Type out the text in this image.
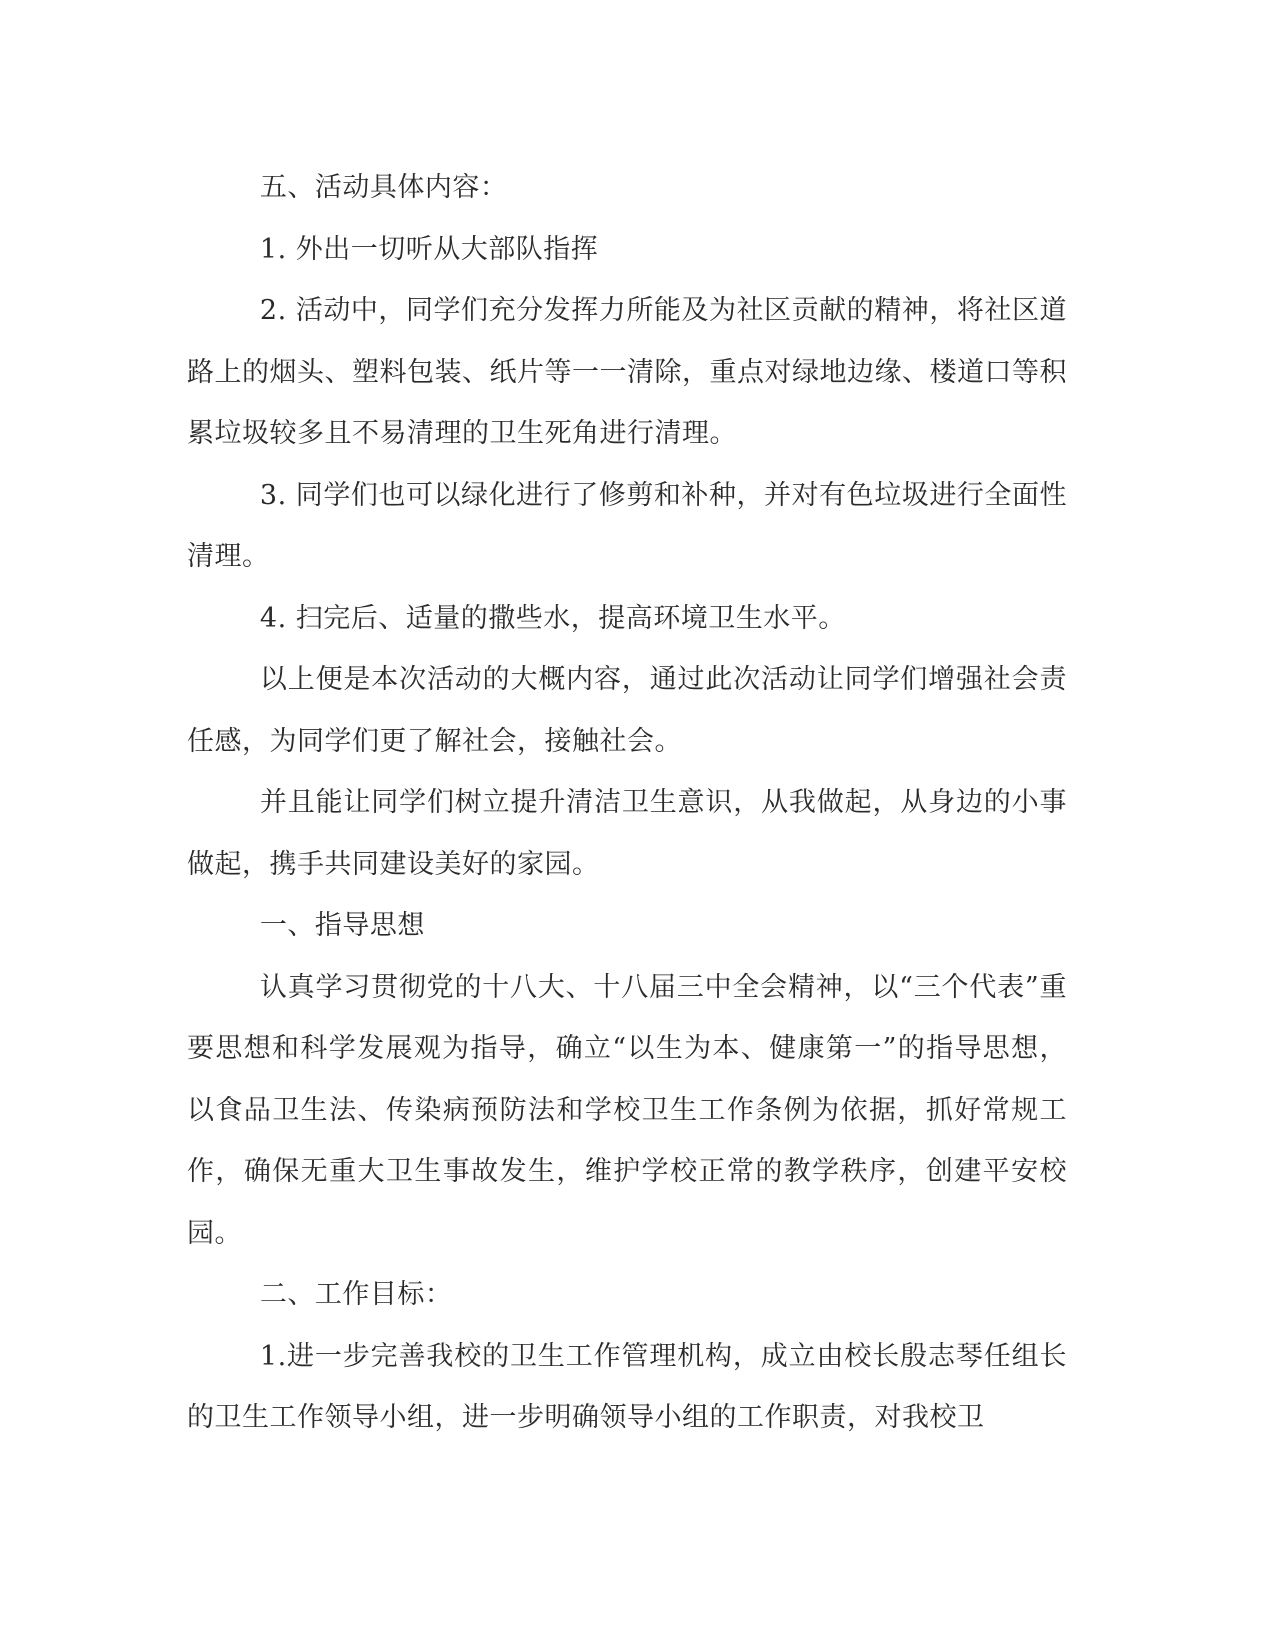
五、活动具体内容：

1. 外出一切听从大部队指挥

2. 活动中，同学们充分发挥力所能及为社区贡献的精神，将社区道路上的烟头、塑料包装、纸片等一一清除，重点对绿地边缘、楼道口等积累垃圾较多且不易清理的卫生死角进行清理。

3. 同学们也可以绿化进行了修剪和补种，并对有色垃圾进行全面性清理。

4. 扫完后、适量的撒些水，提高环境卫生水平。

以上便是本次活动的大概内容，通过此次活动让同学们增强社会责任感，为同学们更了解社会，接触社会。

并且能让同学们树立提升清洁卫生意识，从我做起，从身边的小事做起，携手共同建设美好的家园。

一、指导思想

认真学习贯彻党的十八大、十八届三中全会精神，以“三个代表”重要思想和科学发展观为指导，确立“以生为本、健康第一”的指导思想，以食品卫生法、传染病预防法和学校卫生工作条例为依据，抓好常规工作，确保无重大卫生事故发生，维护学校正常的教学秩序，创建平安校园。

二、工作目标：

1.进一步完善我校的卫生工作管理机构，成立由校长殷志琴任组长的卫生工作领导小组，进一步明确领导小组的工作职责，对我校卫
